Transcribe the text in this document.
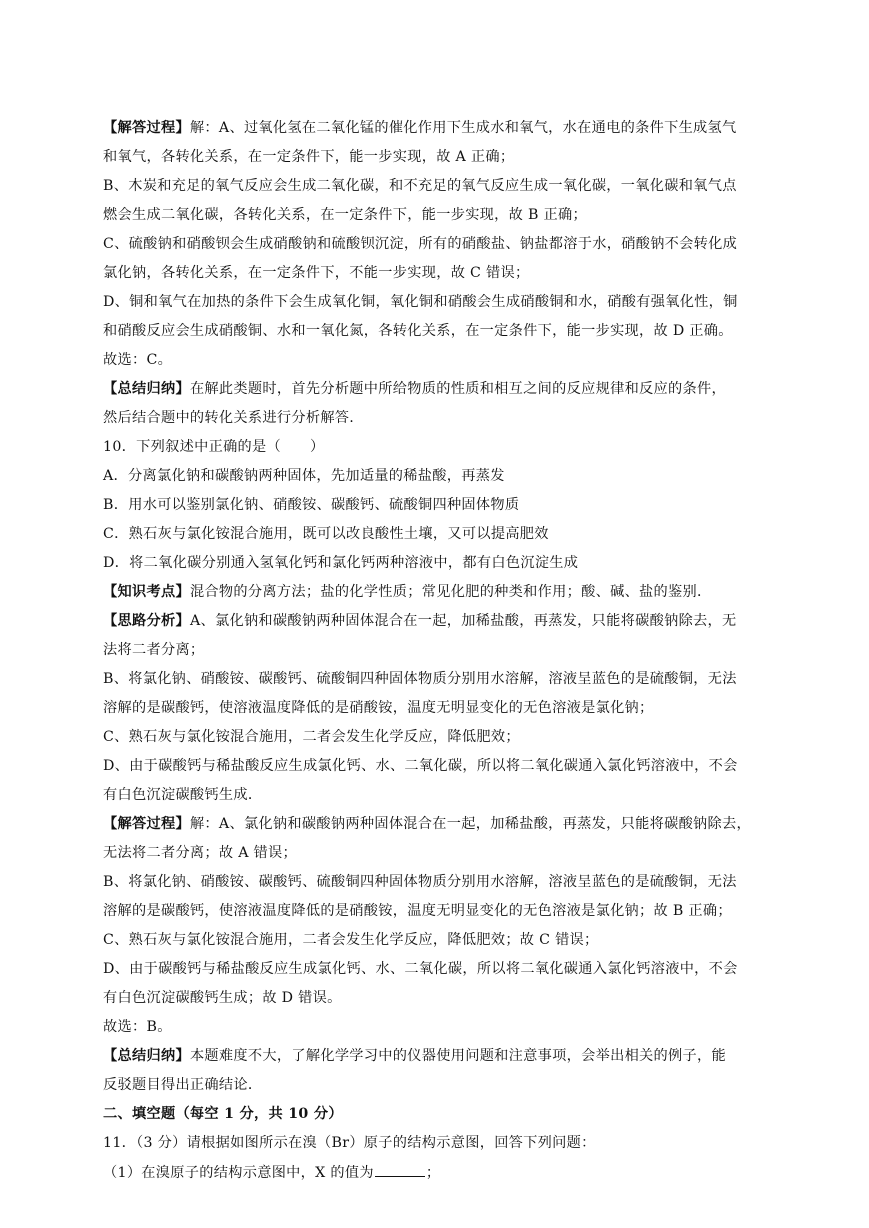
【解答过程】解：A、过氧化氢在二氧化锰的催化作用下生成水和氧气，水在通电的条件下生成氢气
和氧气，各转化关系，在一定条件下，能一步实现，故 A 正确；
B、木炭和充足的氧气反应会生成二氧化碳，和不充足的氧气反应生成一氧化碳，一氧化碳和氧气点
燃会生成二氧化碳，各转化关系，在一定条件下，能一步实现，故 B 正确；
C、硫酸钠和硝酸钡会生成硝酸钠和硫酸钡沉淀，所有的硝酸盐、钠盐都溶于水，硝酸钠不会转化成
氯化钠，各转化关系，在一定条件下，不能一步实现，故 C 错误；
D、铜和氧气在加热的条件下会生成氧化铜，氧化铜和硝酸会生成硝酸铜和水，硝酸有强氧化性，铜
和硝酸反应会生成硝酸铜、水和一氧化氮，各转化关系，在一定条件下，能一步实现，故 D 正确。
故选：C。
【总结归纳】在解此类题时，首先分析题中所给物质的性质和相互之间的反应规律和反应的条件，
然后结合题中的转化关系进行分析解答.
10．下列叙述中正确的是（　　）
A．分离氯化钠和碳酸钠两种固体，先加适量的稀盐酸，再蒸发
B．用水可以鉴别氯化钠、硝酸铵、碳酸钙、硫酸铜四种固体物质
C．熟石灰与氯化铵混合施用，既可以改良酸性土壤，又可以提高肥效
D．将二氧化碳分别通入氢氧化钙和氯化钙两种溶液中，都有白色沉淀生成
【知识考点】混合物的分离方法；盐的化学性质；常见化肥的种类和作用；酸、碱、盐的鉴别．
【思路分析】A、氯化钠和碳酸钠两种固体混合在一起，加稀盐酸，再蒸发，只能将碳酸钠除去，无
法将二者分离；
B、将氯化钠、硝酸铵、碳酸钙、硫酸铜四种固体物质分别用水溶解，溶液呈蓝色的是硫酸铜，无法
溶解的是碳酸钙，使溶液温度降低的是硝酸铵，温度无明显变化的无色溶液是氯化钠；
C、熟石灰与氯化铵混合施用，二者会发生化学反应，降低肥效；
D、由于碳酸钙与稀盐酸反应生成氯化钙、水、二氧化碳，所以将二氧化碳通入氯化钙溶液中，不会
有白色沉淀碳酸钙生成．
【解答过程】解：A、氯化钠和碳酸钠两种固体混合在一起，加稀盐酸，再蒸发，只能将碳酸钠除去，
无法将二者分离；故 A 错误；
B、将氯化钠、硝酸铵、碳酸钙、硫酸铜四种固体物质分别用水溶解，溶液呈蓝色的是硫酸铜，无法
溶解的是碳酸钙，使溶液温度降低的是硝酸铵，温度无明显变化的无色溶液是氯化钠；故 B 正确；
C、熟石灰与氯化铵混合施用，二者会发生化学反应，降低肥效；故 C 错误；
D、由于碳酸钙与稀盐酸反应生成氯化钙、水、二氧化碳，所以将二氧化碳通入氯化钙溶液中，不会
有白色沉淀碳酸钙生成；故 D 错误。
故选：B。
【总结归纳】本题难度不大，了解化学学习中的仪器使用问题和注意事项，会举出相关的例子，能
反驳题目得出正确结论．
二、填空题（每空 1 分，共 10 分）
11．（3 分）请根据如图所示在溴（Br）原子的结构示意图，回答下列问题：
（1）在溴原子的结构示意图中，X 的值为	；
